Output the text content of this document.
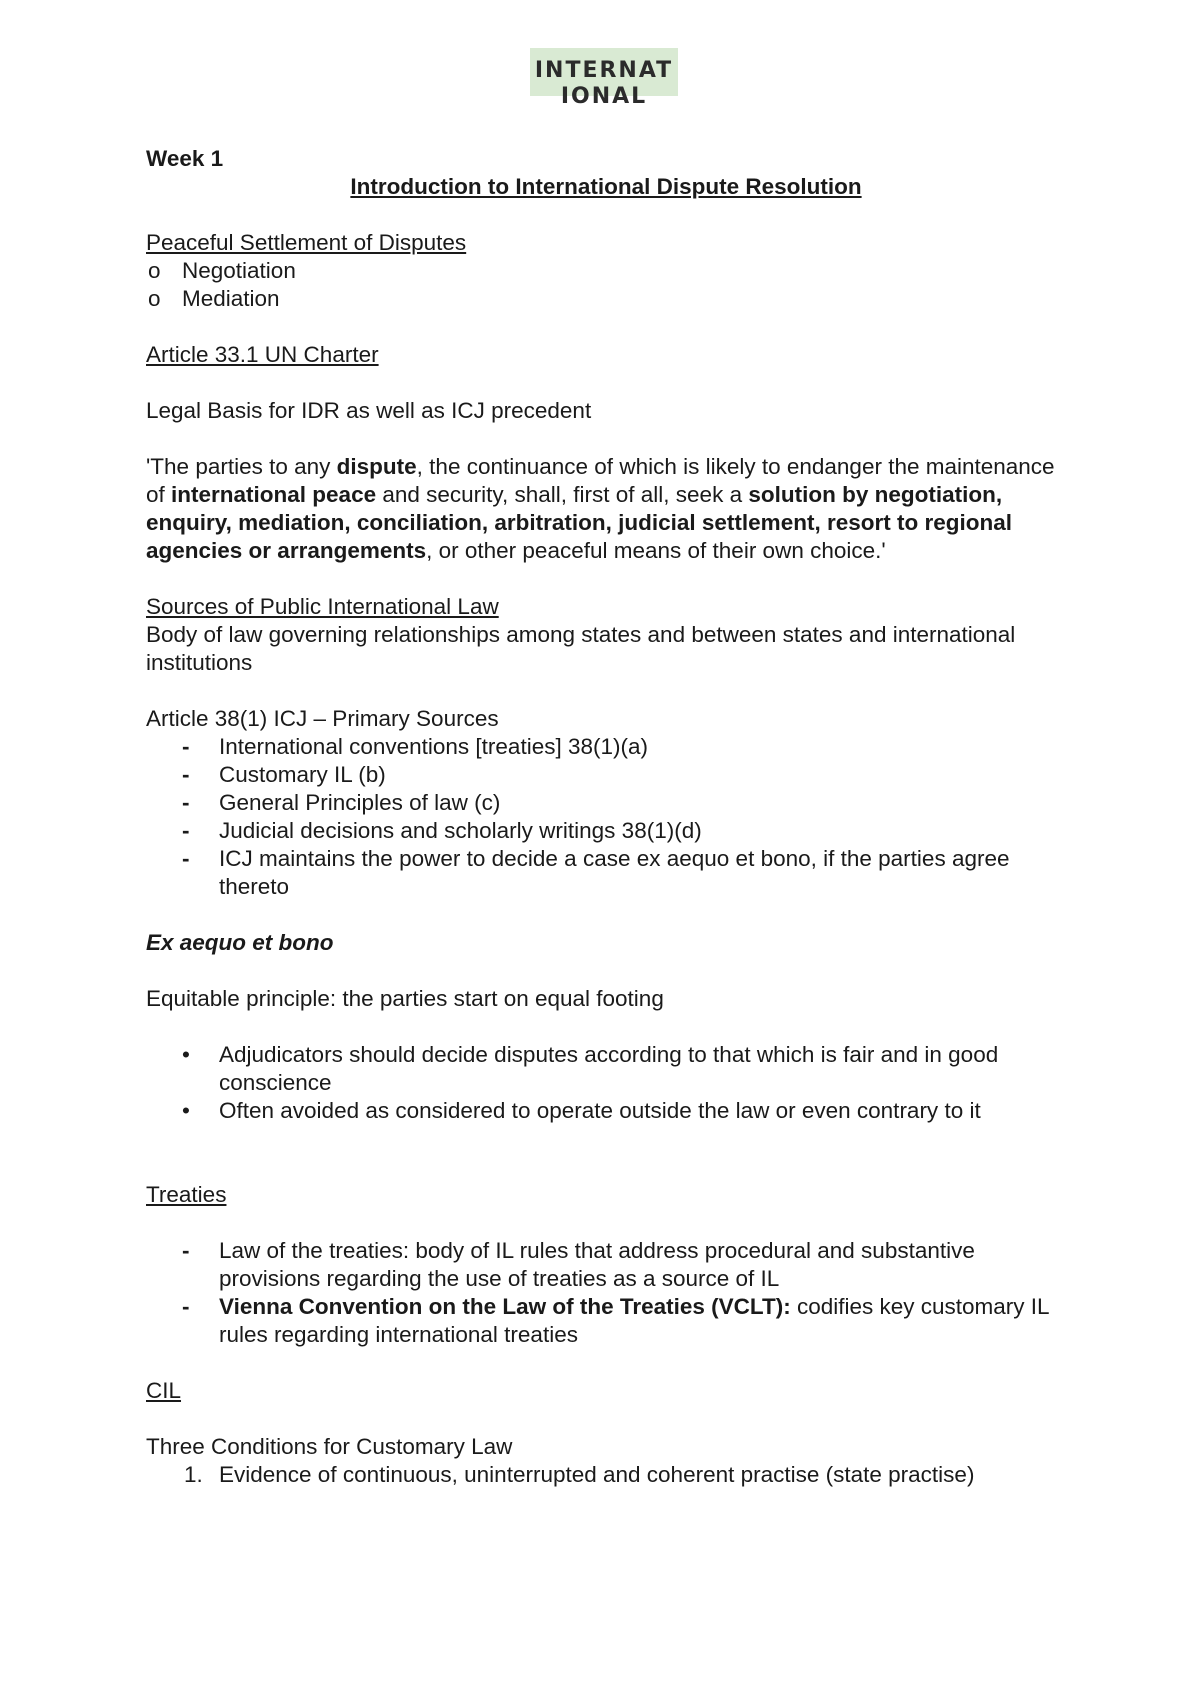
INTERNATIONAL

Week 1

Introduction to International Dispute Resolution

Peaceful Settlement of Disputes

o Negotiation
o Mediation

Article 33.1 UN Charter

Legal Basis for IDR as well as ICJ precedent

'The parties to any dispute, the continuance of which is likely to endanger the maintenance of international peace and security, shall, first of all, seek a solution by negotiation, enquiry, mediation, conciliation, arbitration, judicial settlement, resort to regional agencies or arrangements, or other peaceful means of their own choice.'

Sources of Public International Law

Body of law governing relationships among states and between states and international institutions

Article 38(1) ICJ – Primary Sources

- International conventions [treaties] 38(1)(a)
- Customary IL (b)
- General Principles of law (c)
- Judicial decisions and scholarly writings 38(1)(d)
- ICJ maintains the power to decide a case ex aequo et bono, if the parties agree thereto

Ex aequo et bono

Equitable principle: the parties start on equal footing

• Adjudicators should decide disputes according to that which is fair and in good conscience
• Often avoided as considered to operate outside the law or even contrary to it

Treaties

- Law of the treaties: body of IL rules that address procedural and substantive provisions regarding the use of treaties as a source of IL
- Vienna Convention on the Law of the Treaties (VCLT): codifies key customary IL rules regarding international treaties

CIL

Three Conditions for Customary Law

1. Evidence of continuous, uninterrupted and coherent practise (state practise)
